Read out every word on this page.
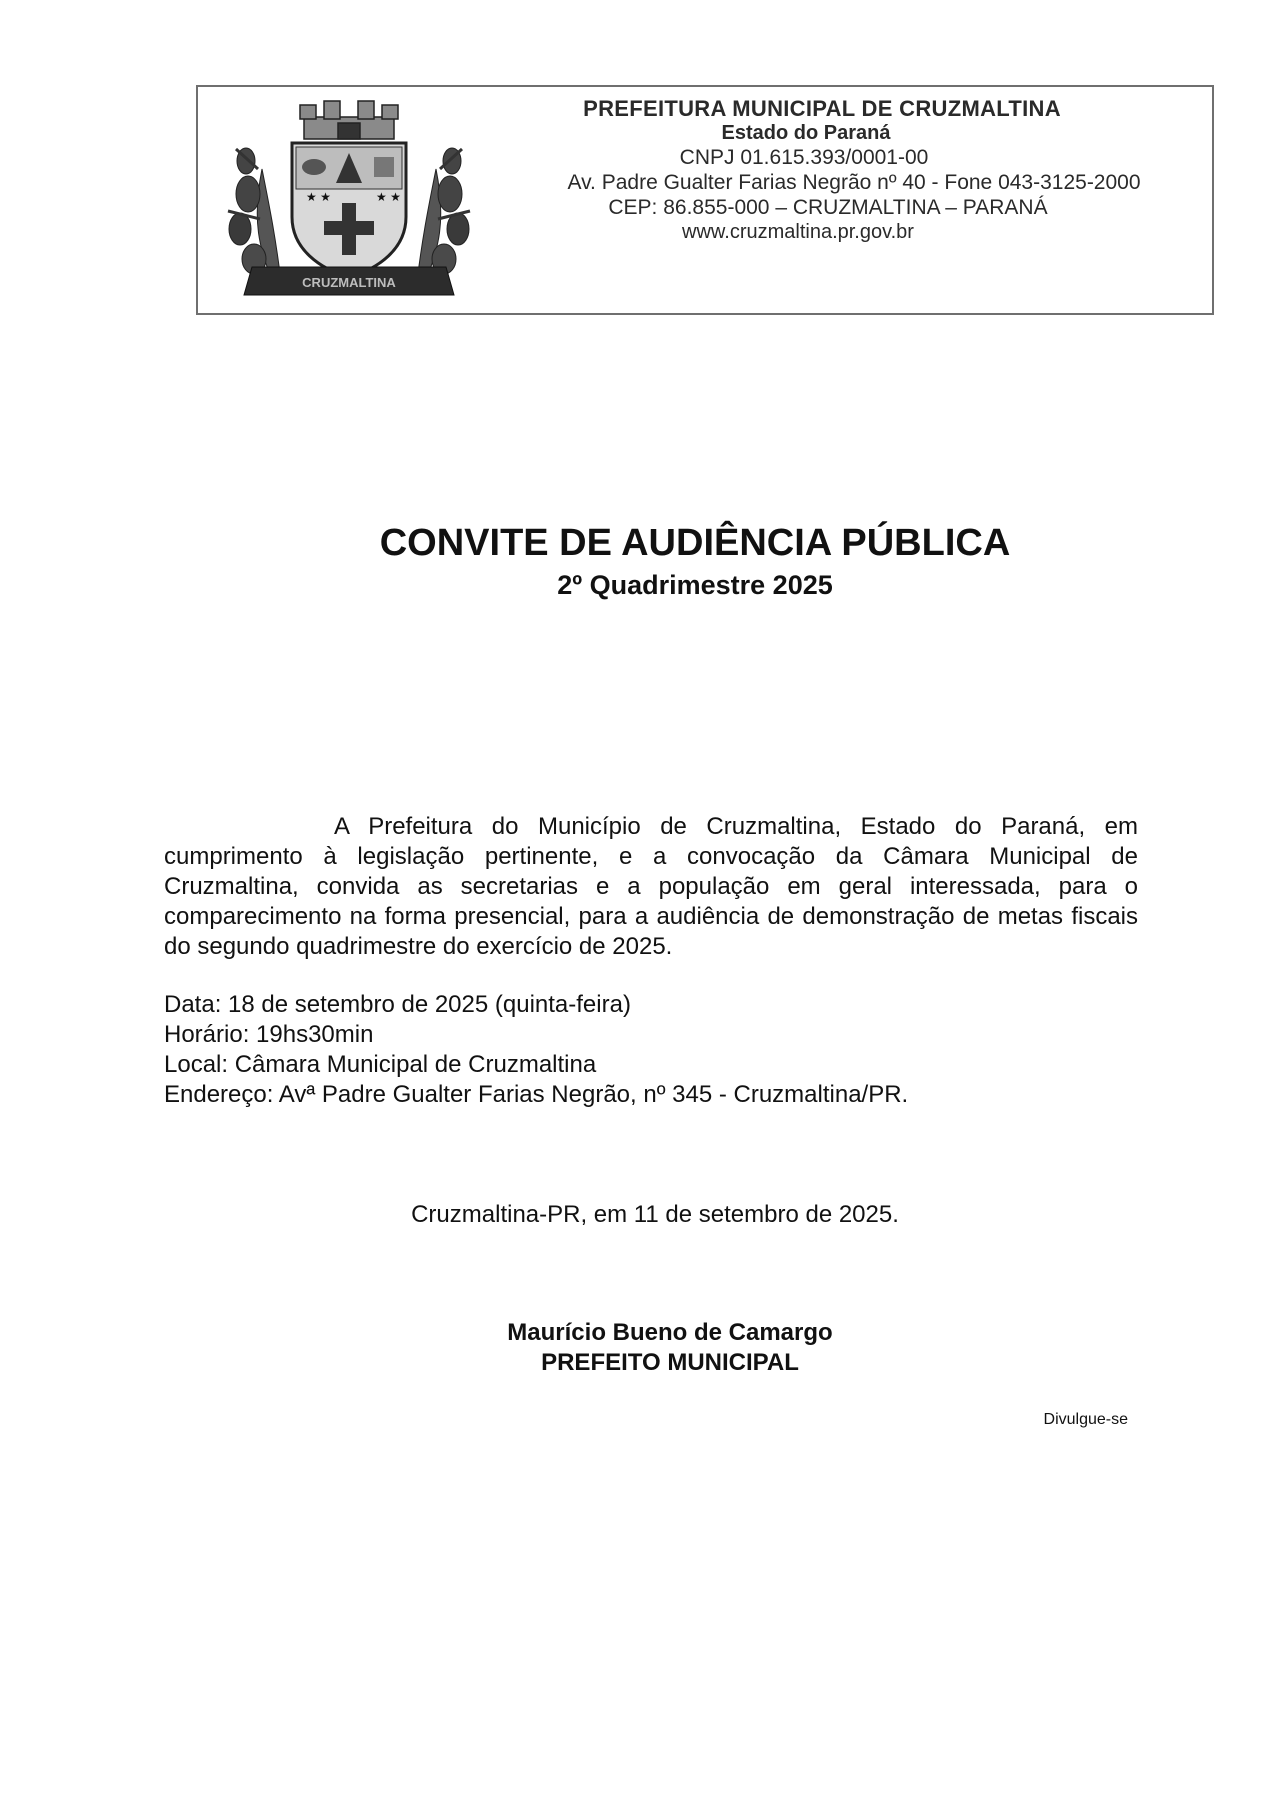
★ ★	★ ★
CRUZMALTINA
PREFEITURA MUNICIPAL DE CRUZMALTINA
Estado do Paraná
CNPJ 01.615.393/0001-00
Av. Padre Gualter Farias Negrão nº 40 - Fone 043-3125-2000
CEP: 86.855-000 – CRUZMALTINA – PARANÁ
www.cruzmaltina.pr.gov.br
CONVITE DE AUDIÊNCIA PÚBLICA
2º Quadrimestre 2025

A Prefeitura do Município de Cruzmaltina, Estado do Paraná, em cumprimento à legislação pertinente, e a convocação da Câmara Municipal de Cruzmaltina, convida as secretarias e a população em geral interessada, para o comparecimento na forma presencial, para a audiência de demonstração de metas fiscais do segundo quadrimestre do exercício de 2025.

Data: 18 de setembro de 2025 (quinta-feira)
Horário: 19hs30min
Local: Câmara Municipal de Cruzmaltina
Endereço: Avª Padre Gualter Farias Negrão, nº 345 - Cruzmaltina/PR.
Cruzmaltina-PR, em 11 de setembro de 2025.
Maurício Bueno de Camargo
PREFEITO MUNICIPAL
Divulgue-se
